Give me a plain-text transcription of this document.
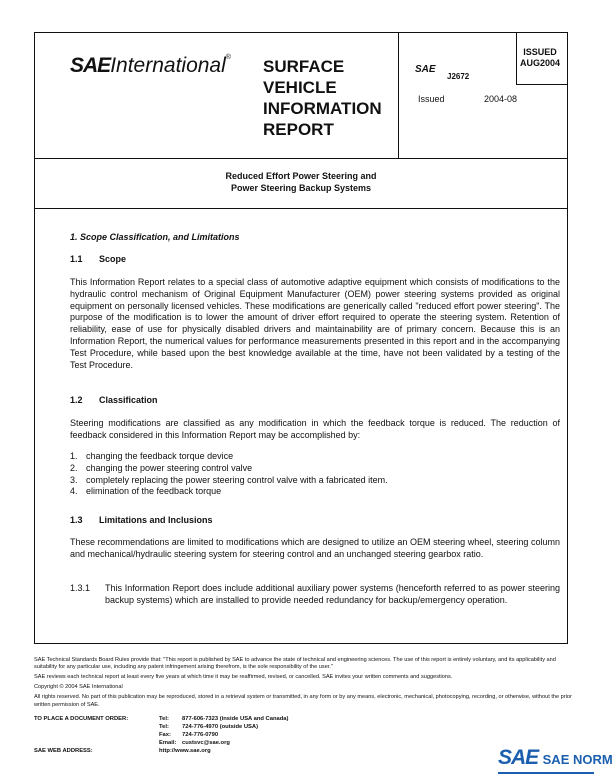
SAEInternational® SURFACE
VEHICLE
INFORMATION
REPORT
SAE
J2672
ISSUED
AUG2004
Issued	2004-08
Reduced Effort Power Steering and
Power Steering Backup Systems
1. Scope Classification, and Limitations
1.1 Scope
This Information Report relates to a special class of automotive adaptive equipment which consists of modifications to the hydraulic control mechanism of Original Equipment Manufacturer (OEM) power steering systems provided as original equipment on personally licensed vehicles. These modifications are generically called "reduced effort power steering". The purpose of the modification is to lower the amount of driver effort required to operate the steering system. Retention of reliability, ease of use for physically disabled drivers and maintainability are of primary concern. Because this is an Information Report, the numerical values for performance measurements presented in this report and in the accompanying Test Procedure, while based upon the best knowledge available at the time, have not been validated by a testing of the Test Procedure.
1.2 Classification
Steering modifications are classified as any modification in which the feedback torque is reduced. The reduction of feedback considered in this Information Report may be accomplished by:
1. changing the feedback torque device
2. changing the power steering control valve
3. completely replacing the power steering control valve with a fabricated item.
4. elimination of the feedback torque
1.3 Limitations and Inclusions
These recommendations are limited to modifications which are designed to utilize an OEM steering wheel, steering column and mechanical/hydraulic steering system for steering control and an unchanged steering gearbox ratio.
1.3.1 This Information Report does include additional auxiliary power systems (henceforth referred to as power steering backup systems) which are installed to provide needed redundancy for backup/emergency operation.
SAE Technical Standards Board Rules provide that: "This report is published by SAE to advance the state of technical and engineering sciences. The use of this report is entirely voluntary, and its applicability and suitability for any particular use, including any patent infringement arising therefrom, is the sole responsibility of the user."
SAE reviews each technical report at least every five years at which time it may be reaffirmed, revised, or cancelled. SAE invites your written comments and suggestions.
Copyright © 2004 SAE International
All rights reserved. No part of this publication may be reproduced, stored in a retrieval system or transmitted, in any form or by any means, electronic, mechanical, photocopying, recording, or otherwise, without the prior written permission of SAE.
TO PLACE A DOCUMENT ORDER:	Tel: 877-606-7323 (inside USA and Canada)
Tel: 724-776-4970 (outside USA)
Fax: 724-776-0790
Email: custsvc@sae.org
SAE WEB ADDRESS:	http://www.sae.org	SAE SAE NORM
